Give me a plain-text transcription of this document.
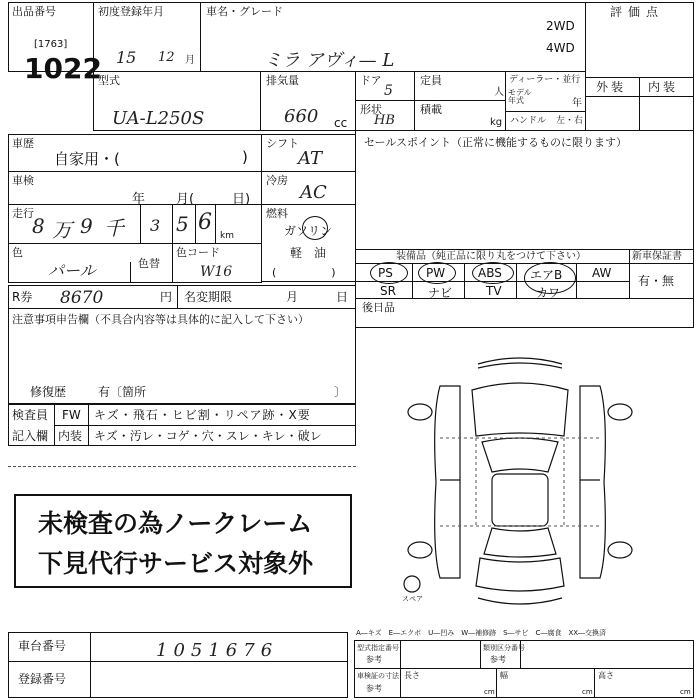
出品番号
[1763]
1022
初度登録年月
15 12 月
車名・グレード
ミラ アヴィ— L
2WD
4WD
評価点
型式
UA-L250S
排気量
660 cc
ドア
5
定員
人
形状
HB
積載
kg
ディーラー・並行
モデル
年式	年
ハンドル 左・右
外装 内装
車歴
自家用・(	)
シフト
AT
車検
年 月(	日)
冷房
AC
走行
8 万 9 千 3 5 6
km
燃料
ガソリン
軽　油
(　　　　　)
色
パール	色替
色コード
W16
セールスポイント（正常に機能するものに限ります）
装備品（純正品に限り丸をつけて下さい）
PS	PW	ABS エアB AW
SR	ナビ	TV	カワ
新車保証書
有・無
R券 8670	円 名変期限	月	日
後日品
注意事項申告欄（不具合内容等は具体的に記入して下さい）
修復歴	有〔箇所	〕
検査員
記入欄
FW キズ・飛石・ヒビ割・リペア跡・X要
内装 キズ・汚レ・コゲ・穴・スレ・キレ・破レ
未検査の為ノークレーム
下見代行サービス対象外
スペア
車台番号	1051676
登録番号
A―キズ　E―エクボ　U―凹み　W―補修跡　S―サビ　C―腐食　XX―交換済
型式指定番号
参考
類別区分番号
参考
車検証の寸法
参考
長さ
cm
幅
cm
高さ
cm
